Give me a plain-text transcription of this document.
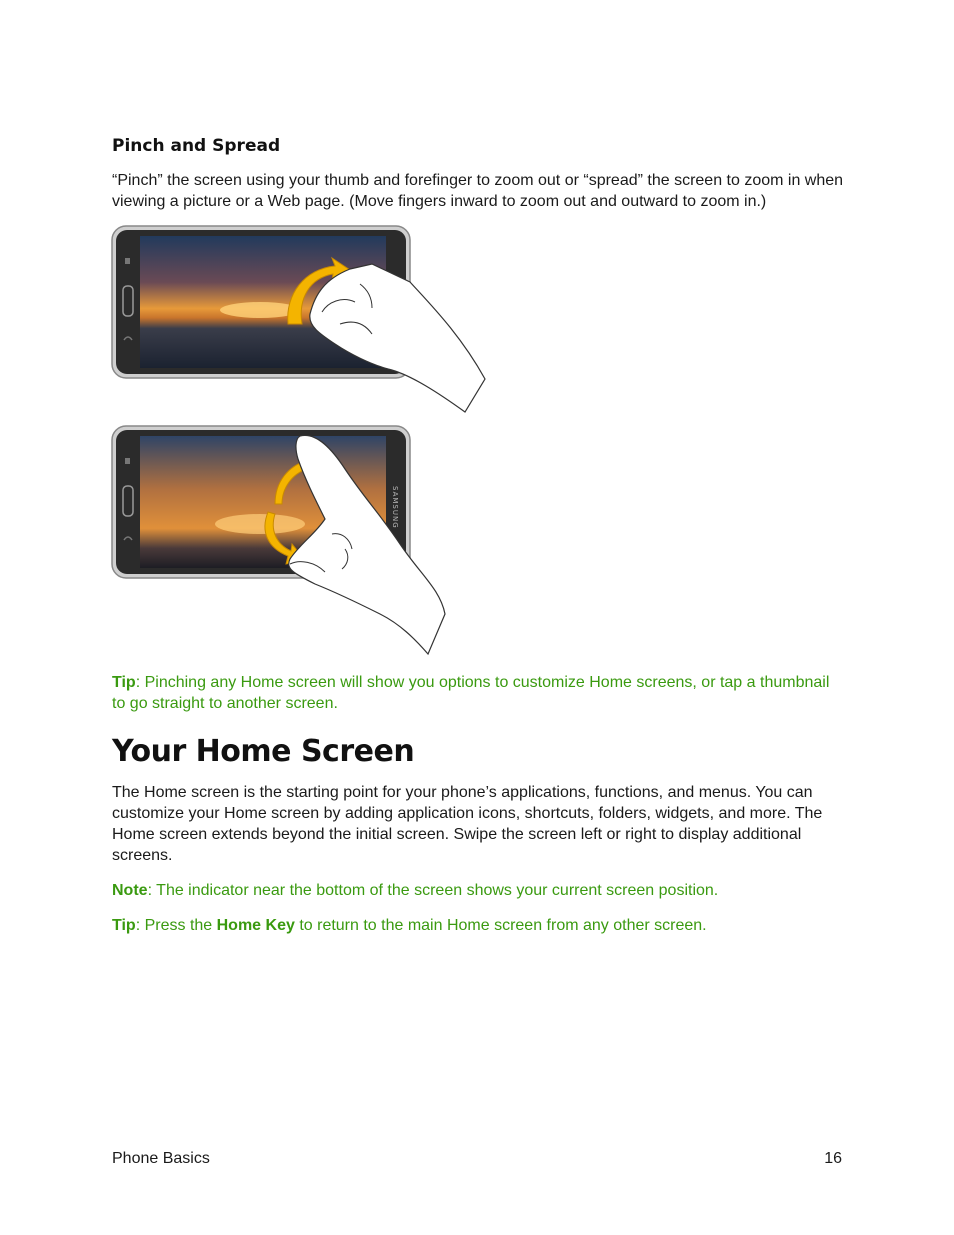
Pinch and Spread

“Pinch” the screen using your thumb and forefinger to zoom out or “spread” the screen to zoom in when viewing a picture or a Web page. (Move fingers inward to zoom out and outward to zoom in.)

SAMSUNG

Tip: Pinching any Home screen will show you options to customize Home screens, or tap a thumbnail to go straight to another screen.

Your Home Screen

The Home screen is the starting point for your phone’s applications, functions, and menus. You can customize your Home screen by adding application icons, shortcuts, folders, widgets, and more. The Home screen extends beyond the initial screen. Swipe the screen left or right to display additional screens.

Note: The indicator near the bottom of the screen shows your current screen position.

Tip: Press the Home Key to return to the main Home screen from any other screen.

Phone Basics	16
